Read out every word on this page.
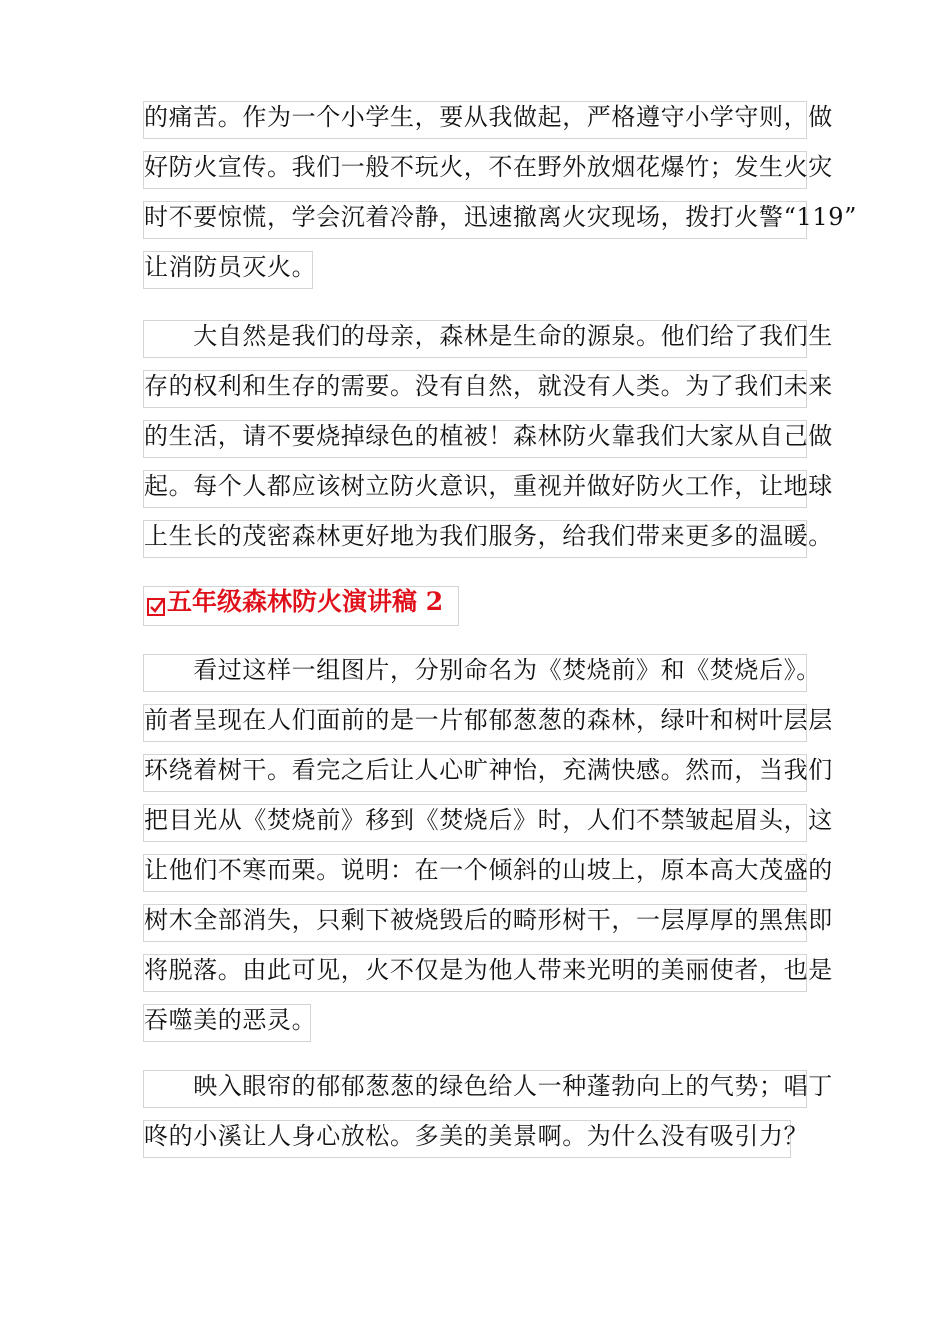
的痛苦。作为一个小学生，要从我做起，严格遵守小学守则，做
好防火宣传。我们一般不玩火，不在野外放烟花爆竹；发生火灾
时不要惊慌，学会沉着冷静，迅速撤离火灾现场，拨打火警“119”
让消防员灭火。
　　大自然是我们的母亲，森林是生命的源泉。他们给了我们生
存的权利和生存的需要。没有自然，就没有人类。为了我们未来
的生活，请不要烧掉绿色的植被！森林防火靠我们大家从自己做
起。每个人都应该树立防火意识，重视并做好防火工作，让地球
上生长的茂密森林更好地为我们服务，给我们带来更多的温暖。
五年级森林防火演讲稿 2
　　看过这样一组图片，分别命名为《焚烧前》和《焚烧后》。
前者呈现在人们面前的是一片郁郁葱葱的森林，绿叶和树叶层层
环绕着树干。看完之后让人心旷神怡，充满快感。然而，当我们
把目光从《焚烧前》移到《焚烧后》时，人们不禁皱起眉头，这
让他们不寒而栗。说明：在一个倾斜的山坡上，原本高大茂盛的
树木全部消失，只剩下被烧毁后的畸形树干，一层厚厚的黑焦即
将脱落。由此可见，火不仅是为他人带来光明的美丽使者，也是
吞噬美的恶灵。
　　映入眼帘的郁郁葱葱的绿色给人一种蓬勃向上的气势；唱丁
咚的小溪让人身心放松。多美的美景啊。为什么没有吸引力？
